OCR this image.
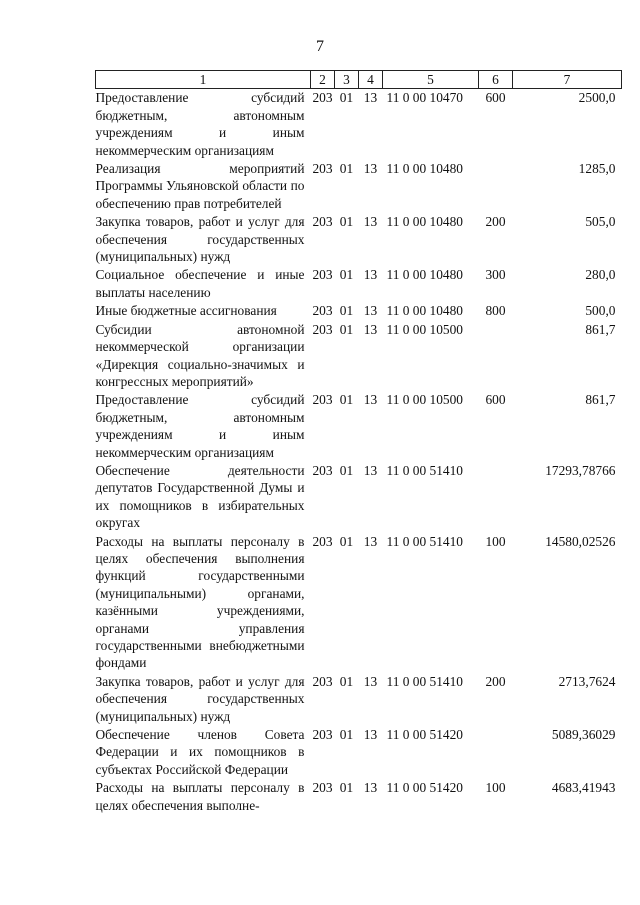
7
1	2	3	4	5	6	7
Предоставление субсидий бюджетным, автономным учреждениям и иным некоммерческим организациям	203	01	13	11 0 00 10470	600	2500,0
Реализация мероприятий Программы Ульяновской области по обеспечению прав потребителей	203	01	13	11 0 00 10480		1285,0
Закупка товаров, работ и услуг для обеспечения государственных (муниципальных) нужд	203	01	13	11 0 00 10480	200	505,0
Социальное обеспечение и иные выплаты населению	203	01	13	11 0 00 10480	300	280,0
Иные бюджетные ассигнования	203	01	13	11 0 00 10480	800	500,0
Субсидии автономной некоммерческой организации «Дирекция социально-значимых и конгрессных мероприятий»	203	01	13	11 0 00 10500		861,7
Предоставление субсидий бюджетным, автономным учреждениям и иным некоммерческим организациям	203	01	13	11 0 00 10500	600	861,7
Обеспечение деятельности депутатов Государственной Думы и их помощников в избирательных округах	203	01	13	11 0 00 51410		17293,78766
Расходы на выплаты персоналу в целях обеспечения выполнения функций государственными (муниципальными) органами, казёнными учреждениями, органами управления государственными внебюджетными фондами	203	01	13	11 0 00 51410	100	14580,02526
Закупка товаров, работ и услуг для обеспечения государственных (муниципальных) нужд	203	01	13	11 0 00 51410	200	2713,7624
Обеспечение членов Совета Федерации и их помощников в субъектах Российской Федерации	203	01	13	11 0 00 51420		5089,36029
Расходы на выплаты персоналу в целях обеспечения выполне-	203	01	13	11 0 00 51420	100	4683,41943
